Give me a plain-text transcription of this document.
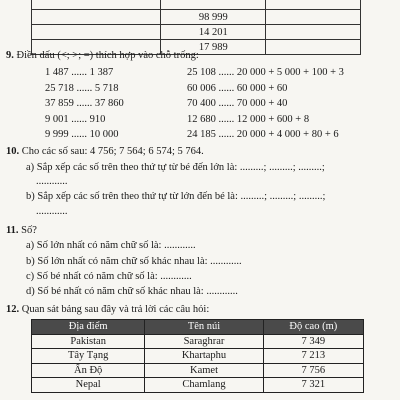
	98 999	
	14 201	
	17 989	
9. Điền dấu (<; >; =) thích hợp vào chỗ trống:
1 487 ...... 1 387	25 108 ...... 20 000 + 5 000 + 100 + 3
25 718 ...... 5 718	60 006 ...... 60 000 + 60
37 859 ...... 37 860	70 400 ...... 70 000 + 40
9 001 ...... 910	12 680 ...... 12 000 + 600 + 8
9 999 ...... 10 000	24 185 ...... 20 000 + 4 000 + 80 + 6
10. Cho các số sau: 4 756; 7 564; 6 574; 5 764.
a) Sắp xếp các số trên theo thứ tự từ bé đến lớn là: .........; .........; .........;
............
b) Sắp xếp các số trên theo thứ tự từ lớn đến bé là: .........; .........; .........;
............
11. Số?
a) Số lớn nhất có năm chữ số là: ............
b) Số lớn nhất có năm chữ số khác nhau là: ............
c) Số bé nhất có năm chữ số là: ............
d) Số bé nhất có năm chữ số khác nhau là: ............
12. Quan sát bảng sau đây và trả lời các câu hỏi:
Địa điểm	Tên núi	Độ cao (m)
Pakistan	Saraghrar	7 349
Tây Tạng	Khartaphu	7 213
Ấn Độ	Kamet	7 756
Nepal	Chamlang	7 321
